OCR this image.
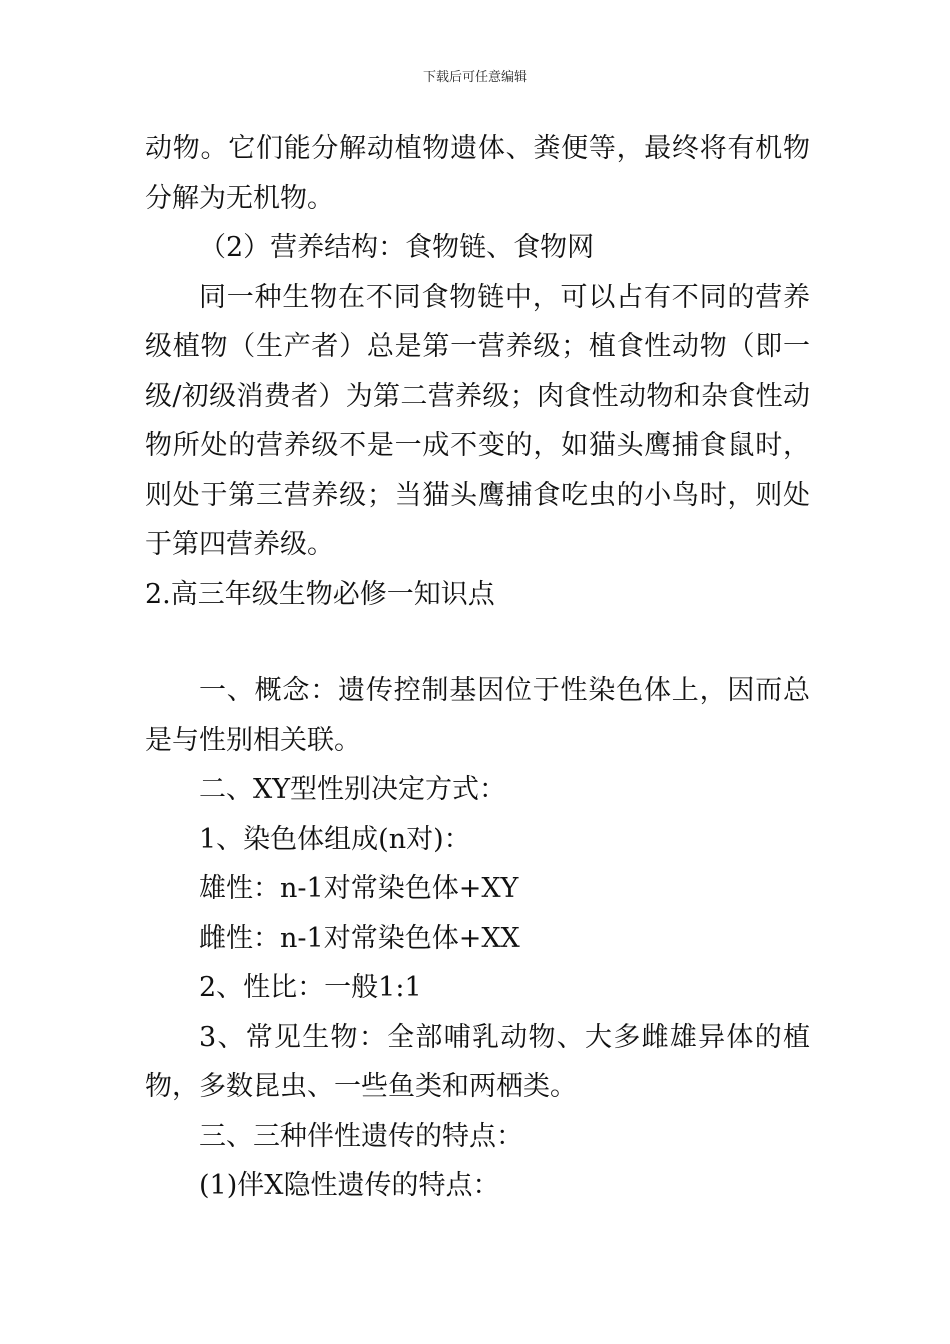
下载后可任意编辑

动物。它们能分解动植物遗体、粪便等，最终将有机物分解为无机物。

（2）营养结构：食物链、食物网

同一种生物在不同食物链中，可以占有不同的营养级植物（生产者）总是第一营养级；植食性动物（即一级/初级消费者）为第二营养级；肉食性动物和杂食性动物所处的营养级不是一成不变的，如猫头鹰捕食鼠时，则处于第三营养级；当猫头鹰捕食吃虫的小鸟时，则处于第四营养级。

2.高三年级生物必修一知识点

一、概念：遗传控制基因位于性染色体上，因而总是与性别相关联。

二、XY型性别决定方式：

1、染色体组成(n对)：

雄性：n-1对常染色体+XY

雌性：n-1对常染色体+XX

2、性比：一般1:1

3、常见生物：全部哺乳动物、大多雌雄异体的植物，多数昆虫、一些鱼类和两栖类。

三、三种伴性遗传的特点：

(1)伴X隐性遗传的特点：
